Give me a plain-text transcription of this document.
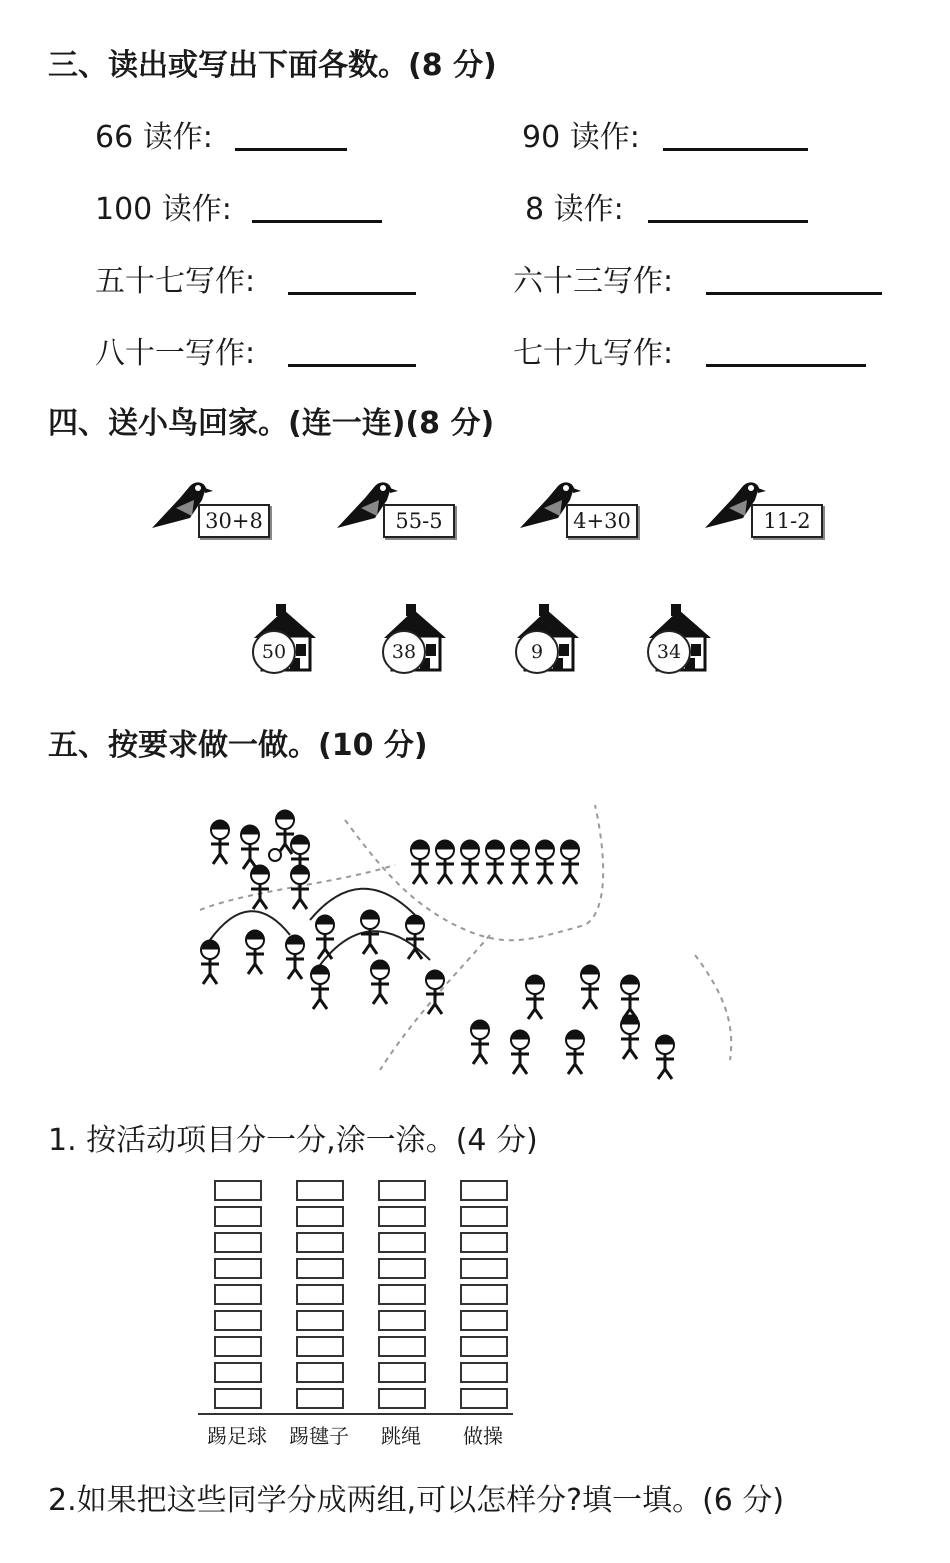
三、读出或写出下面各数。(8 分)
66 读作:	90 读作:
100 读作:	8 读作:
五十七写作:	六十三写作:
八十一写作:	七十九写作:
四、送小鸟回家。(连一连)(8 分)
30+8	55-5	4+30	11-2
50	38	9	34
五、按要求做一做。(10 分)
1. 按活动项目分一分,涂一涂。(4 分)
踢足球	踢毽子	跳绳	做操
2.如果把这些同学分成两组,可以怎样分?填一填。(6 分)
